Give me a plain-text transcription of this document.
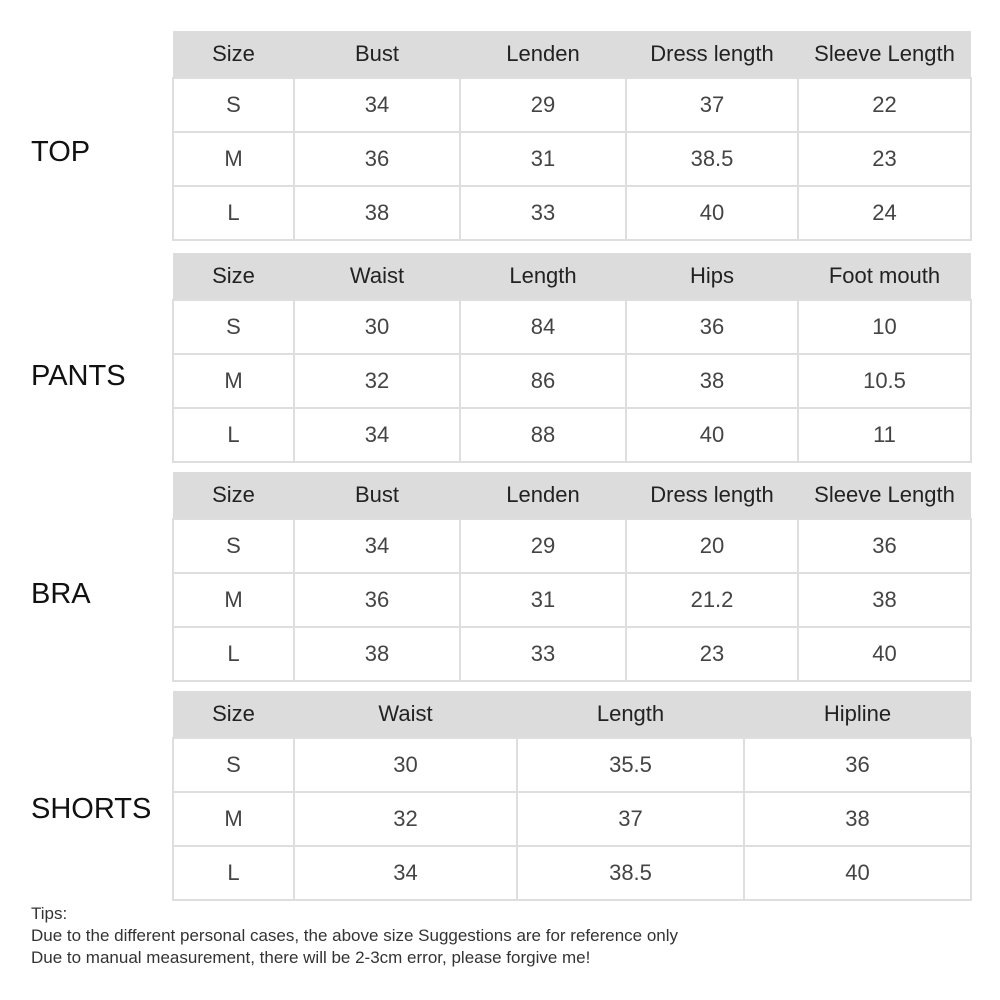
TOP
Size	Bust	Lenden	Dress length	Sleeve Length
S	34	29	37	22
M	36	31	38.5	23
L	38	33	40	24
PANTS
Size	Waist	Length	Hips	Foot mouth
S	30	84	36	10
M	32	86	38	10.5
L	34	88	40	11
BRA
Size	Bust	Lenden	Dress length	Sleeve Length
S	34	29	20	36
M	36	31	21.2	38
L	38	33	23	40
SHORTS
Size	Waist	Length	Hipline
S	30	35.5	36
M	32	37	38
L	34	38.5	40
Tips:
Due to the different personal cases, the above size Suggestions are for reference only
Due to manual measurement, there will be 2-3cm error, please forgive me!
